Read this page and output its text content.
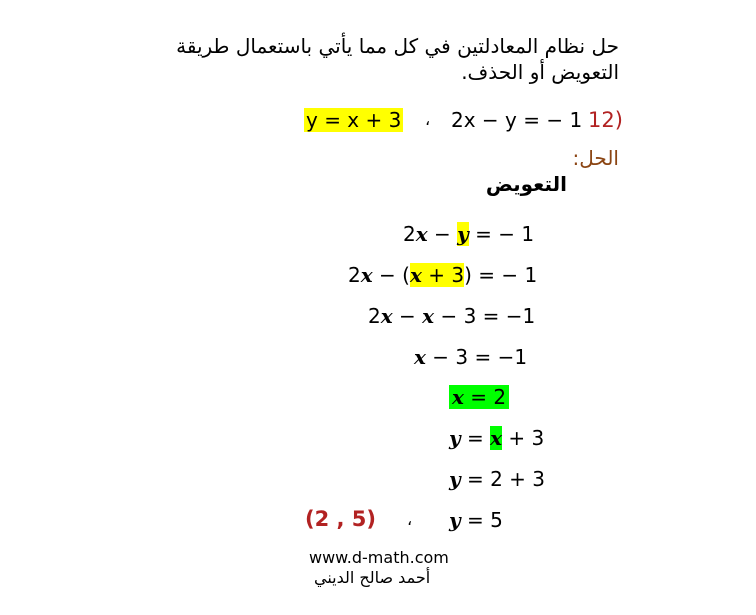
حل نظام المعادلتين في كل مما يأتي باستعمال طريقة
التعويض أو الحذف.
12)
2x − y = − 1
،
y = x + 3
الحل:
التعويض
2x − y = − 1
2x − (x + 3) = − 1
2x − x − 3 = −1
x − 3 = −1
x = 2
y = x + 3
y = 2 + 3
y = 5
،
(2 , 5)
www.d-math.com
أحمد صالح الديني
